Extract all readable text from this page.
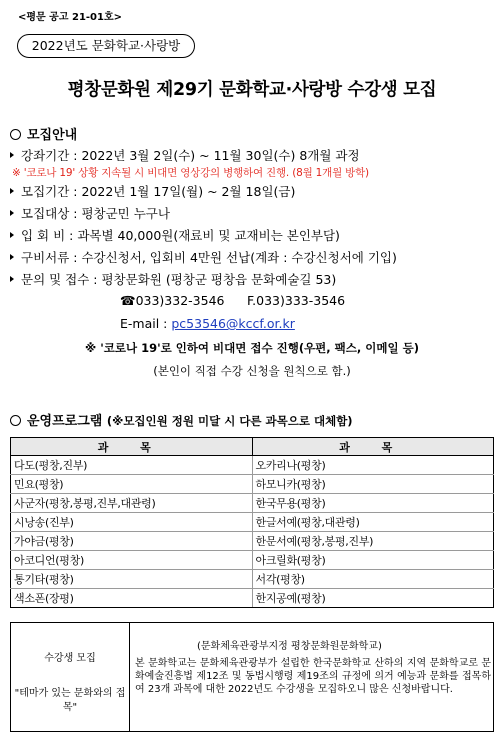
<평문 공고 21-01호>
2022년도 문화학교·사랑방
평창문화원 제29기 문화학교·사랑방 수강생 모집
모집안내
강좌기간 : 2022년 3월 2일(수) ~ 11월 30일(수) 8개월 과정
※ '코로나 19' 상황 지속될 시 비대면 영상강의 병행하여 진행. (8월 1개월 방학)
모집기간 : 2022년 1월 17일(월) ~ 2월 18일(금)
모집대상 : 평창군민 누구나
입 회 비 : 과목별 40,000원(재료비 및 교재비는 본인부담)
구비서류 : 수강신청서, 입회비 4만원 선납(계좌 : 수강신청서에 기입)
문의 및 접수 : 평창문화원 (평창군 평창읍 문화예술길 53)
☎033)332-3546 F.033)333-3546
E-mail : pc53546@kccf.or.kr
※ '코로나 19'로 인하여 비대면 접수 진행(우편, 팩스, 이메일 등)
(본인이 직접 수강 신청을 원칙으로 함.)
운영프로그램 (※모집인원 정원 미달 시 다른 과목으로 대체함)
과 목	과 목
다도(평창,진부)	오카리나(평창)
민요(평창)	하모니카(평창)
사군자(평창,봉평,진부,대관령)	한국무용(평창)
시낭송(진부)	한글서예(평창,대관령)
가야금(평창)	한문서예(평창,봉평,진부)
아코디언(평창)	아크릴화(평창)
통기타(평창)	서각(평창)
색소폰(장평)	한지공예(평창)
수강생 모집
"테마가 있는 문화와의 접목"
(문화체육관광부지정 평창문화원문화학교)
본 문화학교는 문화체육관광부가 설립한 한국문화학교 산하의 지역 문화학교로 문화예술진흥법 제12조 및 동법시행령 제19조의 규정에 의거 예능과 문화를 접목하여 23개 과목에 대한 2022년도 수강생을 모집하오니 많은 신청바랍니다.
